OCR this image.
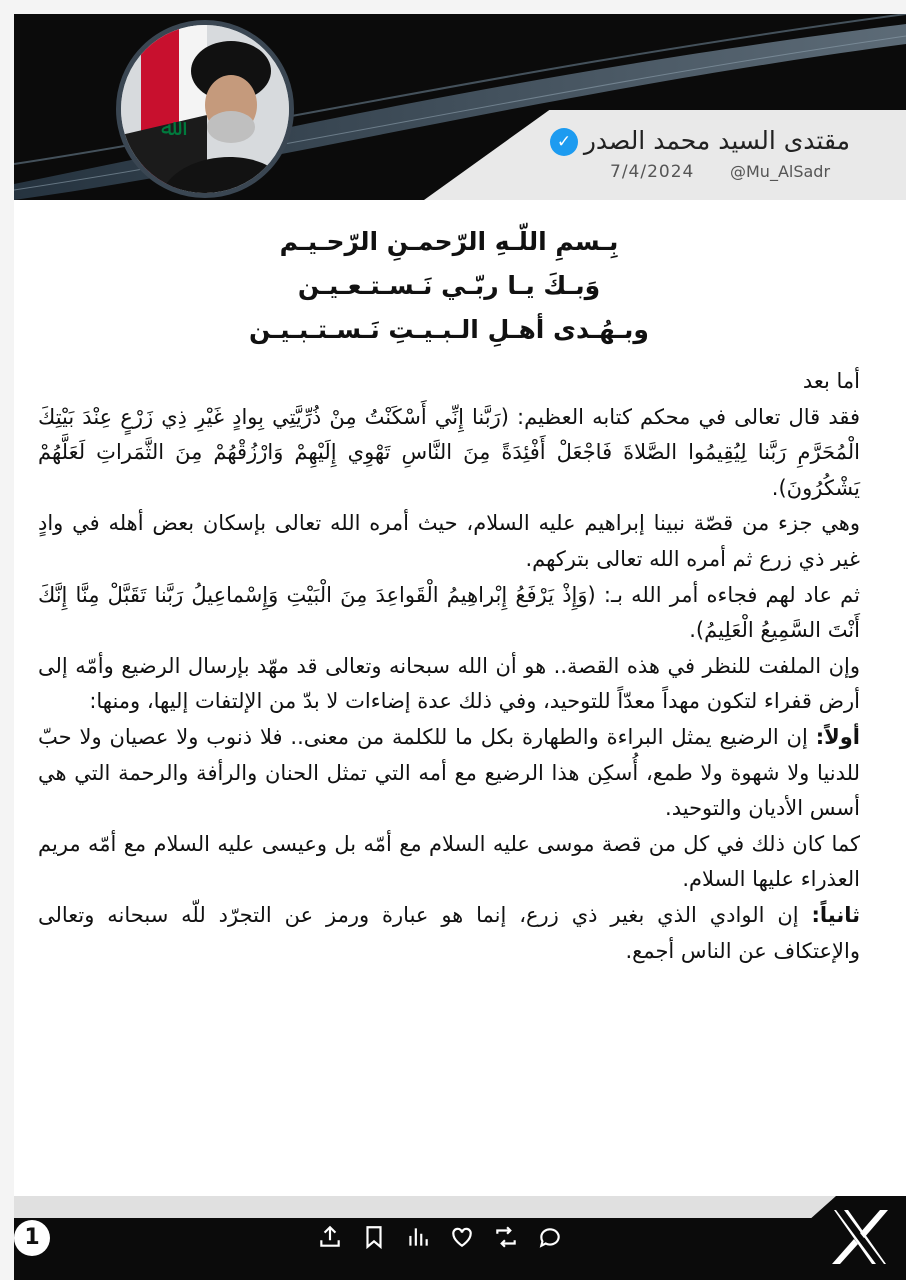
مقتدى السيد محمد الصدر
✓
7/4/2024 @Mu_AlSadr
ﷲ
بِـسمِ اللّـهِ الرّحمـنِ الرّحـيـم
وَبـكَ يـا ربّـي نَـسـتـعـيـن
وبـهُـدى أهـلِ الـبـيـتِ نَـسـتـبـيـن

أما بعد

فقد قال تعالى في محكم كتابه العظيم: (رَبَّنا إِنِّي أَسْكَنْتُ مِنْ ذُرِّيَّتِي بِوادٍ غَيْرِ ذِي زَرْعٍ عِنْدَ بَيْتِكَ الْمُحَرَّمِ رَبَّنا لِيُقِيمُوا الصَّلاةَ فَاجْعَلْ أَفْئِدَةً مِنَ النَّاسِ تَهْوِي إِلَيْهِمْ وَارْزُقْهُمْ مِنَ الثَّمَراتِ لَعَلَّهُمْ يَشْكُرُونَ).

وهي جزء من قصّة نبينا إبراهيم عليه السلام، حيث أمره الله تعالى بإسكان بعض أهله في وادٍ غير ذي زرع ثم أمره الله تعالى بتركهم.

ثم عاد لهم فجاءه أمر الله بـ: (وَإِذْ يَرْفَعُ إِبْراهِيمُ الْقَواعِدَ مِنَ الْبَيْتِ وَإِسْماعِيلُ رَبَّنا تَقَبَّلْ مِنَّا إِنَّكَ أَنْتَ السَّمِيعُ الْعَلِيمُ).

وإن الملفت للنظر في هذه القصة.. هو أن الله سبحانه وتعالى قد مهّد بإرسال الرضيع وأمّه إلى أرض قفراء لتكون مهداً معدّاً للتوحيد، وفي ذلك عدة إضاءات لا بدّ من الإلتفات إليها، ومنها:

أولاً: إن الرضيع يمثل البراءة والطهارة بكل ما للكلمة من معنى.. فلا ذنوب ولا عصيان ولا حبّ للدنيا ولا شهوة ولا طمع، أُسكِن هذا الرضيع مع أمه التي تمثل الحنان والرأفة والرحمة التي هي أسس الأديان والتوحيد.

كما كان ذلك في كل من قصة موسى عليه السلام مع أمّه بل وعيسى عليه السلام مع أمّه مريم العذراء عليها السلام.

ثانياً: إن الوادي الذي بغير ذي زرع، إنما هو عبارة ورمز عن التجرّد للّه سبحانه وتعالى والإعتكاف عن الناس أجمع.

1
